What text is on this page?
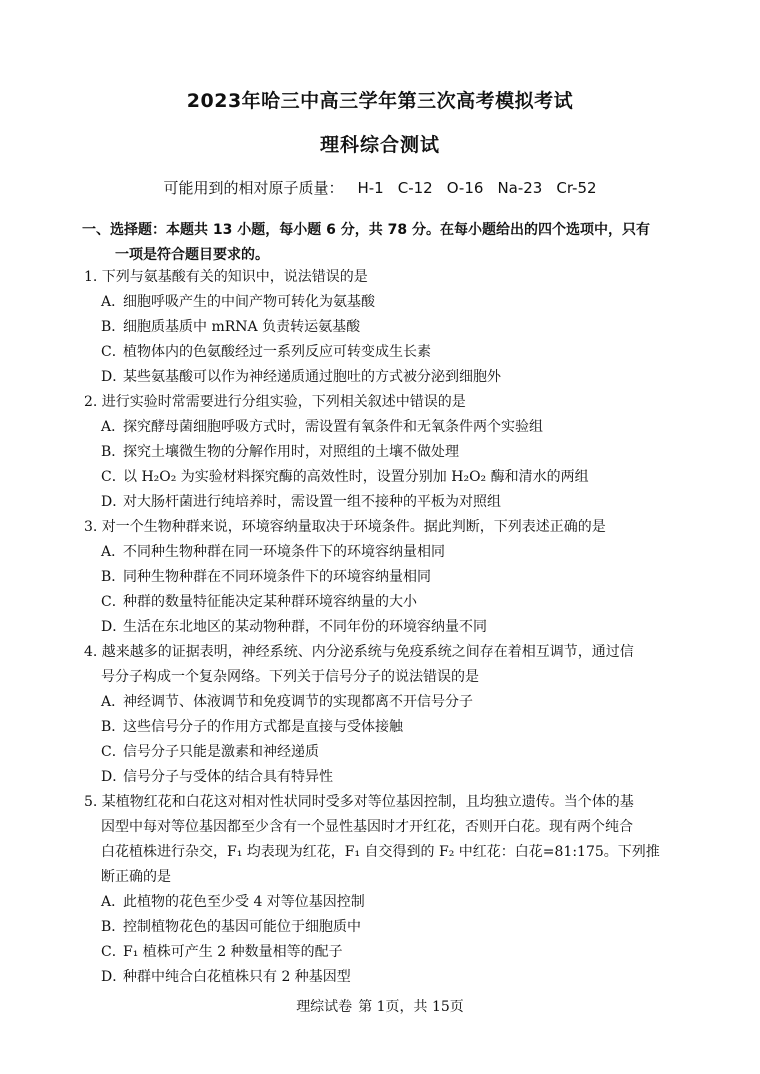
2023年哈三中高三学年第三次高考模拟考试
理科综合测试
可能用到的相对原子质量： H-1 C-12 O-16 Na-23 Cr-52
一、选择题：本题共 13 小题，每小题 6 分，共 78 分。在每小题给出的四个选项中，只有
一项是符合题目要求的。
1. 下列与氨基酸有关的知识中，说法错误的是
A．细胞呼吸产生的中间产物可转化为氨基酸
B．细胞质基质中 mRNA 负责转运氨基酸
C．植物体内的色氨酸经过一系列反应可转变成生长素
D．某些氨基酸可以作为神经递质通过胞吐的方式被分泌到细胞外
2. 进行实验时常需要进行分组实验，下列相关叙述中错误的是
A．探究酵母菌细胞呼吸方式时，需设置有氧条件和无氧条件两个实验组
B．探究土壤微生物的分解作用时，对照组的土壤不做处理
C．以 H₂O₂ 为实验材料探究酶的高效性时，设置分别加 H₂O₂ 酶和清水的两组
D．对大肠杆菌进行纯培养时，需设置一组不接种的平板为对照组
3. 对一个生物种群来说，环境容纳量取决于环境条件。据此判断，下列表述正确的是
A．不同种生物种群在同一环境条件下的环境容纳量相同
B．同种生物种群在不同环境条件下的环境容纳量相同
C．种群的数量特征能决定某种群环境容纳量的大小
D．生活在东北地区的某动物种群，不同年份的环境容纳量不同
4. 越来越多的证据表明，神经系统、内分泌系统与免疫系统之间存在着相互调节，通过信
号分子构成一个复杂网络。下列关于信号分子的说法错误的是
A．神经调节、体液调节和免疫调节的实现都离不开信号分子
B．这些信号分子的作用方式都是直接与受体接触
C．信号分子只能是激素和神经递质
D．信号分子与受体的结合具有特异性
5. 某植物红花和白花这对相对性状同时受多对等位基因控制，且均独立遗传。当个体的基
因型中每对等位基因都至少含有一个显性基因时才开红花，否则开白花。现有两个纯合
白花植株进行杂交，F₁ 均表现为红花，F₁ 自交得到的 F₂ 中红花：白花=81:175。下列推
断正确的是
A．此植物的花色至少受 4 对等位基因控制
B．控制植物花色的基因可能位于细胞质中
C．F₁ 植株可产生 2 种数量相等的配子
D．种群中纯合白花植株只有 2 种基因型
理综试卷 第 1页，共 15页
